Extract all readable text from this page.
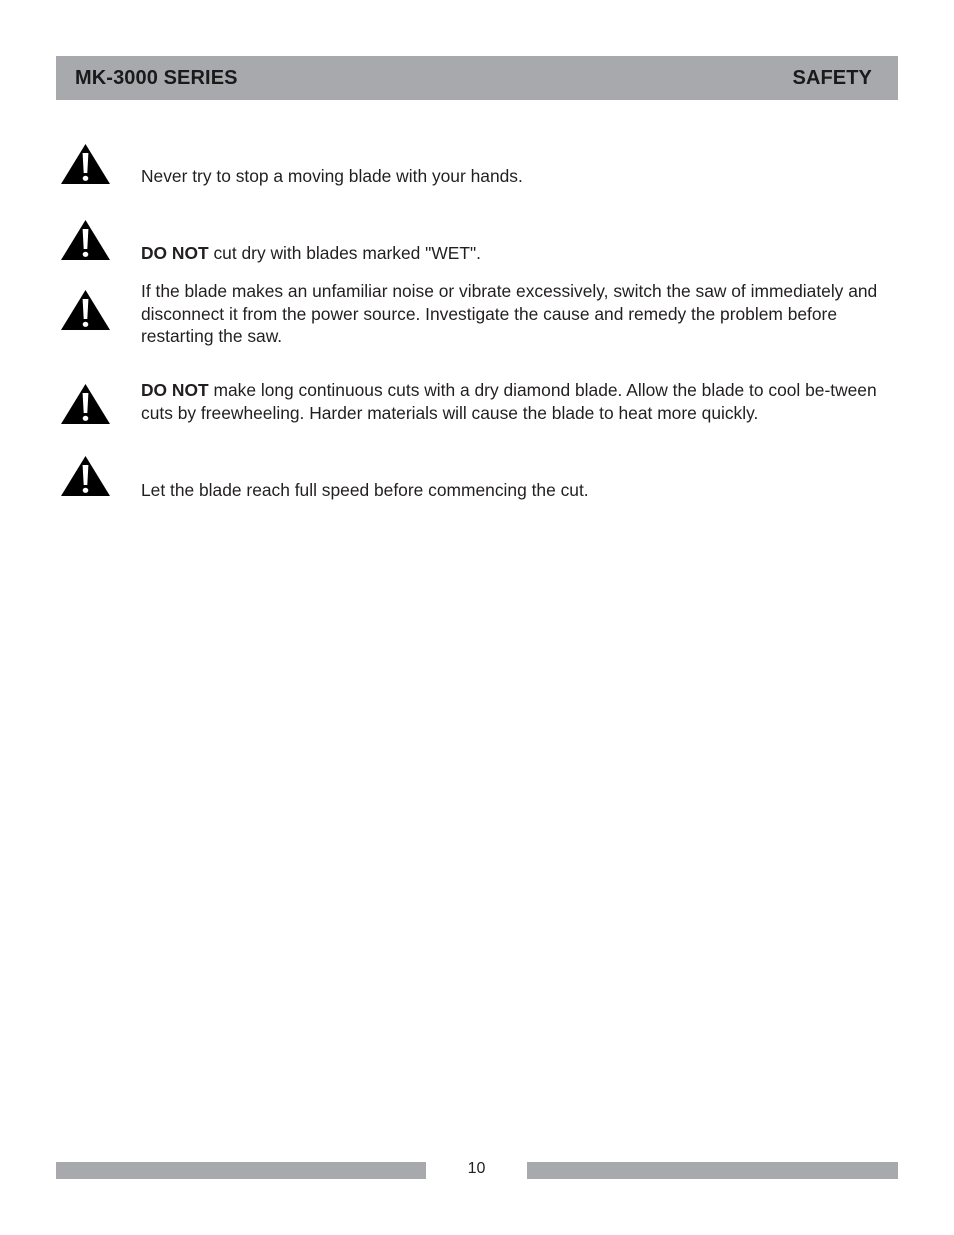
MK-3000 SERIES	SAFETY

Never try to stop a moving blade with your hands.

DO NOT cut dry with blades marked "WET".

If the blade makes an unfamiliar noise or vibrate excessively, switch the saw of immediately and disconnect it from the power source. Investigate the cause and remedy the problem before restarting the saw.

DO NOT make long continuous cuts with a dry diamond blade. Allow the blade to cool be-tween cuts by freewheeling. Harder materials will cause the blade to heat more quickly.

Let the blade reach full speed before commencing the cut.

10
